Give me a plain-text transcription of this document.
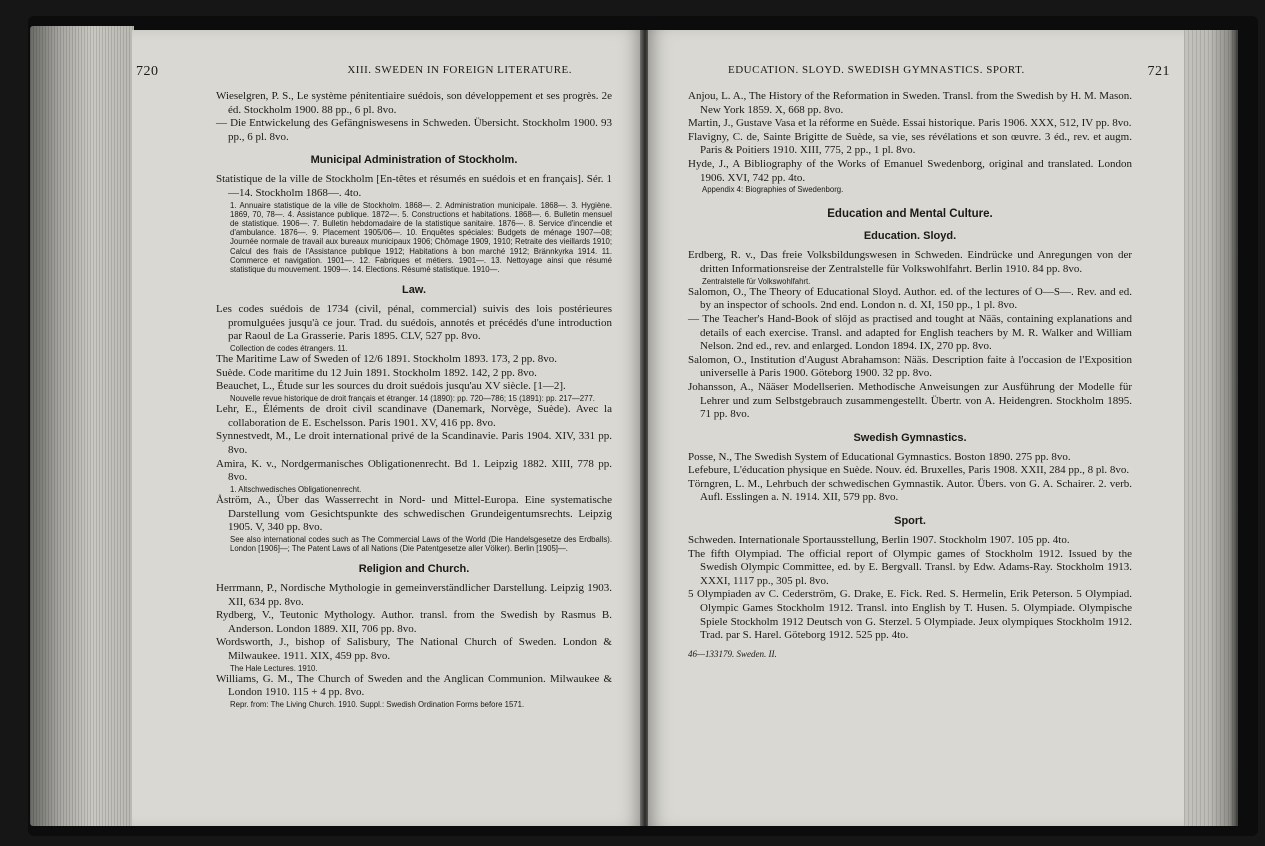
720	XIII. SWEDEN IN FOREIGN LITERATURE.

Wieselgren, P. S., Le système pénitentiaire suédois, son développement et ses progrès. 2e éd. Stockholm 1900. 88 pp., 6 pl. 8vo.

— Die Entwickelung des Gefängniswesens in Schweden. Übersicht. Stockholm 1900. 93 pp., 6 pl. 8vo.

Municipal Administration of Stockholm.

Statistique de la ville de Stockholm [En-têtes et résumés en suédois et en français]. Sér. 1—14. Stockholm 1868—. 4to.

1. Annuaire statistique de la ville de Stockholm. 1868—. 2. Administration municipale. 1868—. 3. Hygiène. 1869, 70, 78—. 4. Assistance publique. 1872—. 5. Constructions et habitations. 1868—. 6. Bulletin mensuel de statistique. 1906—. 7. Bulletin hebdomadaire de la statistique sanitaire. 1876—. 8. Service d'incendie et d'ambulance. 1876—. 9. Placement 1905/06—. 10. Enquêtes spéciales: Budgets de ménage 1907—08; Journée normale de travail aux bureaux municipaux 1906; Chômage 1909, 1910; Retraite des vieillards 1910; Calcul des frais de l'Assistance publique 1912; Habitations à bon marché 1912; Brännkyrka 1914. 11. Commerce et navigation. 1901—. 12. Fabriques et métiers. 1901—. 13. Nettoyage ainsi que résumé statistique du mouvement. 1909—. 14. Elections. Résumé statistique. 1910—.

Law.

Les codes suédois de 1734 (civil, pénal, commercial) suivis des lois postérieures promulguées jusqu'à ce jour. Trad. du suédois, annotés et précédés d'une introduction par Raoul de La Grasserie. Paris 1895. CLV, 527 pp. 8vo.

Collection de codes étrangers. 11.

The Maritime Law of Sweden of 12/6 1891. Stockholm 1893. 173, 2 pp. 8vo.

Suède. Code maritime du 12 Juin 1891. Stockholm 1892. 142, 2 pp. 8vo.

Beauchet, L., Étude sur les sources du droit suédois jusqu'au XV siècle. [1—2].

Nouvelle revue historique de droit français et étranger. 14 (1890): pp. 720—786; 15 (1891): pp. 217—277.

Lehr, E., Éléments de droit civil scandinave (Danemark, Norvège, Suède). Avec la collaboration de E. Eschelsson. Paris 1901. XV, 416 pp. 8vo.

Synnestvedt, M., Le droit international privé de la Scandinavie. Paris 1904. XIV, 331 pp. 8vo.

Amira, K. v., Nordgermanisches Obligationenrecht. Bd 1. Leipzig 1882. XIII, 778 pp. 8vo.

1. Altschwedisches Obligationenrecht.

Åström, A., Über das Wasserrecht in Nord- und Mittel-Europa. Eine systematische Darstellung vom Gesichtspunkte des schwedischen Grundeigentumsrechts. Leipzig 1905. V, 340 pp. 8vo.

See also international codes such as The Commercial Laws of the World (Die Handelsgesetze des Erdballs). London [1906]—; The Patent Laws of all Nations (Die Patentgesetze aller Völker). Berlin [1905]—.

Religion and Church.

Herrmann, P., Nordische Mythologie in gemeinverständlicher Darstellung. Leipzig 1903. XII, 634 pp. 8vo.

Rydberg, V., Teutonic Mythology. Author. transl. from the Swedish by Rasmus B. Anderson. London 1889. XII, 706 pp. 8vo.

Wordsworth, J., bishop of Salisbury, The National Church of Sweden. London & Milwaukee. 1911. XIX, 459 pp. 8vo.

The Hale Lectures. 1910.

Williams, G. M., The Church of Sweden and the Anglican Communion. Milwaukee & London 1910. 115 + 4 pp. 8vo.

Repr. from: The Living Church. 1910. Suppl.: Swedish Ordination Forms before 1571.

EDUCATION. SLOYD. SWEDISH GYMNASTICS. SPORT.	721

Anjou, L. A., The History of the Reformation in Sweden. Transl. from the Swedish by H. M. Mason. New York 1859. X, 668 pp. 8vo.

Martin, J., Gustave Vasa et la réforme en Suède. Essai historique. Paris 1906. XXX, 512, IV pp. 8vo.

Flavigny, C. de, Sainte Brigitte de Suède, sa vie, ses révélations et son œuvre. 3 éd., rev. et augm. Paris & Poitiers 1910. XIII, 775, 2 pp., 1 pl. 8vo.

Hyde, J., A Bibliography of the Works of Emanuel Swedenborg, original and translated. London 1906. XVI, 742 pp. 4to.

Appendix 4: Biographies of Swedenborg.

Education and Mental Culture.
Education. Sloyd.

Erdberg, R. v., Das freie Volksbildungswesen in Schweden. Eindrücke und Anregungen von der dritten Informationsreise der Zentralstelle für Volkswohlfahrt. Berlin 1910. 84 pp. 8vo.

Zentralstelle für Volkswohlfahrt.

Salomon, O., The Theory of Educational Sloyd. Author. ed. of the lectures of O—S—. Rev. and ed. by an inspector of schools. 2nd end. London n. d. XI, 150 pp., 1 pl. 8vo.

— The Teacher's Hand-Book of slöjd as practised and tought at Nääs, containing explanations and details of each exercise. Transl. and adapted for English teachers by M. R. Walker and William Nelson. 2nd ed., rev. and enlarged. London 1894. IX, 270 pp. 8vo.

Salomon, O., Institution d'August Abrahamson: Nääs. Description faite à l'occasion de l'Exposition universelle à Paris 1900. Göteborg 1900. 32 pp. 8vo.

Johansson, A., Nääser Modellserien. Methodische Anweisungen zur Ausführung der Modelle für Lehrer und zum Selbstgebrauch zusammengestellt. Übertr. von A. Heidengren. Stockholm 1895. 71 pp. 8vo.

Swedish Gymnastics.

Posse, N., The Swedish System of Educational Gymnastics. Boston 1890. 275 pp. 8vo.

Lefebure, L'éducation physique en Suède. Nouv. éd. Bruxelles, Paris 1908. XXII, 284 pp., 8 pl. 8vo.

Törngren, L. M., Lehrbuch der schwedischen Gymnastik. Autor. Übers. von G. A. Schairer. 2. verb. Aufl. Esslingen a. N. 1914. XII, 579 pp. 8vo.

Sport.

Schweden. Internationale Sportausstellung, Berlin 1907. Stockholm 1907. 105 pp. 4to.

The fifth Olympiad. The official report of Olympic games of Stockholm 1912. Issued by the Swedish Olympic Committee, ed. by E. Bergvall. Transl. by Edw. Adams-Ray. Stockholm 1913. XXXI, 1117 pp., 305 pl. 8vo.

5 Olympiaden av C. Cederström, G. Drake, E. Fick. Red. S. Hermelin, Erik Peterson. 5 Olympiad. Olympic Games Stockholm 1912. Transl. into English by T. Husen. 5. Olympiade. Olympische Spiele Stockholm 1912 Deutsch von G. Sterzel. 5 Olympiade. Jeux olympiques Stockholm 1912. Trad. par S. Harel. Göteborg 1912. 525 pp. 4to.

46—133179. Sweden. II.
